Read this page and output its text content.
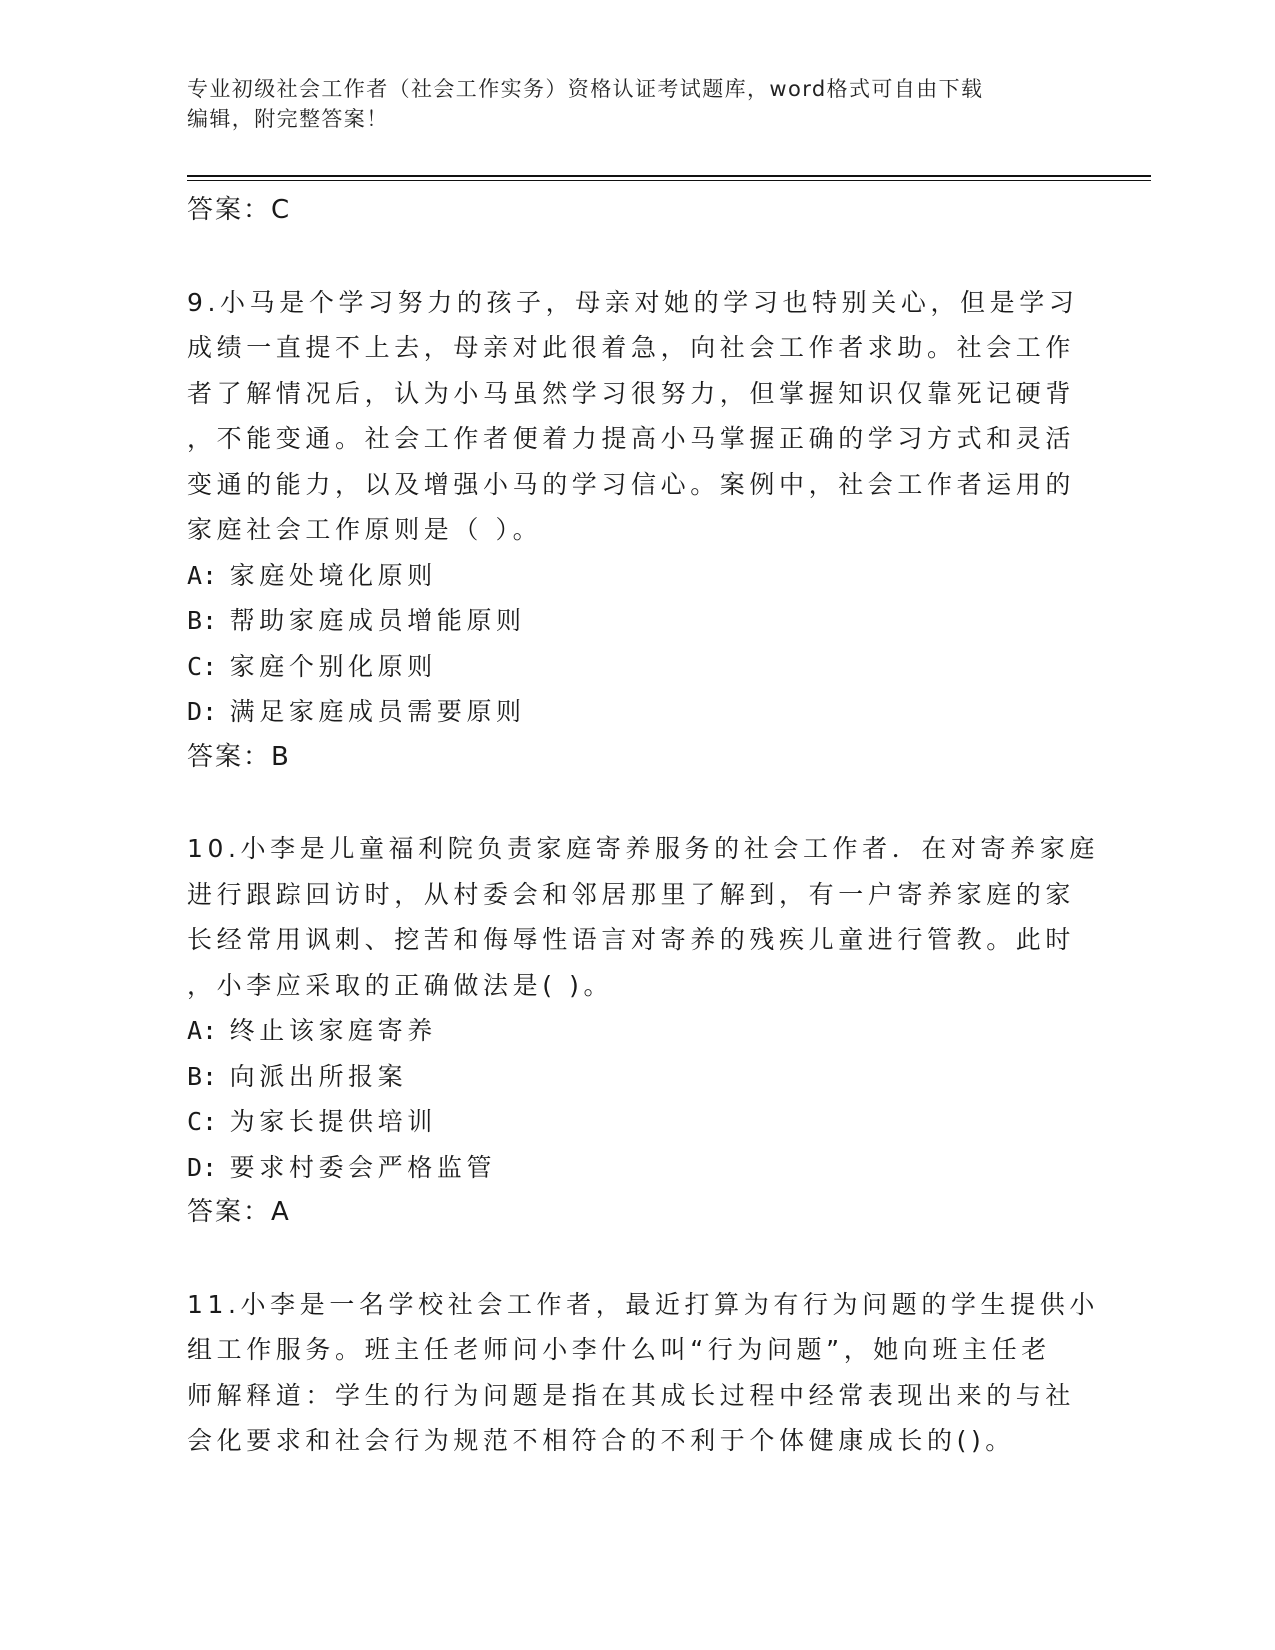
专业初级社会工作者（社会工作实务）资格认证考试题库，word格式可自由下载
编辑，附完整答案！

答案：C

9.小马是个学习努力的孩子，母亲对她的学习也特别关心，但是学习

成绩一直提不上去，母亲对此很着急，向社会工作者求助。社会工作

者了解情况后，认为小马虽然学习很努力，但掌握知识仅靠死记硬背

，不能变通。社会工作者便着力提高小马掌握正确的学习方式和灵活

变通的能力，以及增强小马的学习信心。案例中，社会工作者运用的

家庭社会工作原则是（ ）。

A: 家庭处境化原则

B: 帮助家庭成员增能原则

C: 家庭个别化原则

D: 满足家庭成员需要原则

答案：B

10.小李是儿童福利院负责家庭寄养服务的社会工作者．在对寄养家庭

进行跟踪回访时，从村委会和邻居那里了解到，有一户寄养家庭的家

长经常用讽刺、挖苦和侮辱性语言对寄养的残疾儿童进行管教。此时

，小李应采取的正确做法是( )。

A: 终止该家庭寄养

B: 向派出所报案

C: 为家长提供培训

D: 要求村委会严格监管

答案：A

11.小李是一名学校社会工作者，最近打算为有行为问题的学生提供小

组工作服务。班主任老师问小李什么叫“行为问题”，她向班主任老

师解释道：学生的行为问题是指在其成长过程中经常表现出来的与社

会化要求和社会行为规范不相符合的不利于个体健康成长的()。
